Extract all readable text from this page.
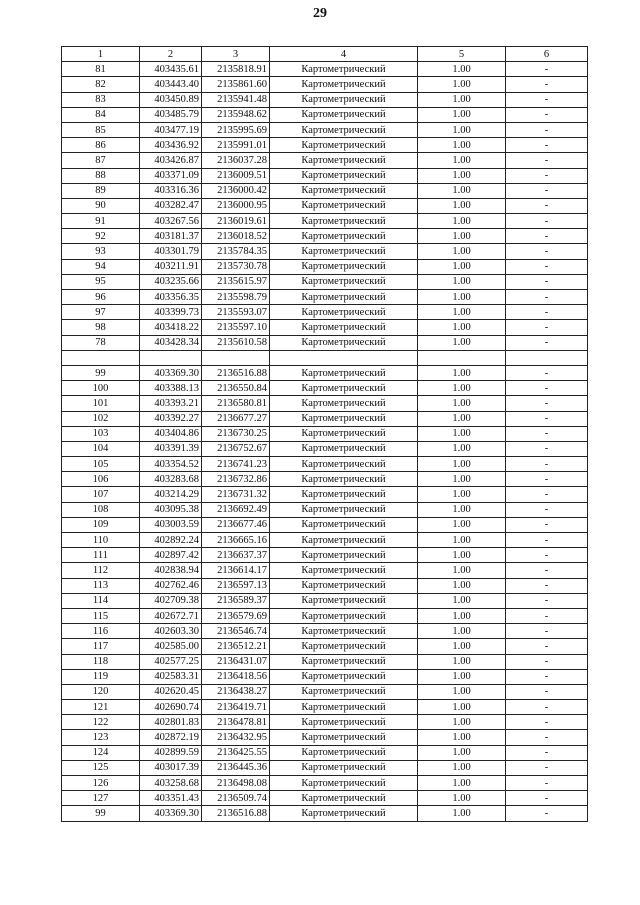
29
1	2	3	4	5	6
81	403435.61	2135818.91	Картометрический	1.00	-
82	403443.40	2135861.60	Картометрический	1.00	-
83	403450.89	2135941.48	Картометрический	1.00	-
84	403485.79	2135948.62	Картометрический	1.00	-
85	403477.19	2135995.69	Картометрический	1.00	-
86	403436.92	2135991.01	Картометрический	1.00	-
87	403426.87	2136037.28	Картометрический	1.00	-
88	403371.09	2136009.51	Картометрический	1.00	-
89	403316.36	2136000.42	Картометрический	1.00	-
90	403282.47	2136000.95	Картометрический	1.00	-
91	403267.56	2136019.61	Картометрический	1.00	-
92	403181.37	2136018.52	Картометрический	1.00	-
93	403301.79	2135784.35	Картометрический	1.00	-
94	403211.91	2135730.78	Картометрический	1.00	-
95	403235.66	2135615.97	Картометрический	1.00	-
96	403356.35	2135598.79	Картометрический	1.00	-
97	403399.73	2135593.07	Картометрический	1.00	-
98	403418.22	2135597.10	Картометрический	1.00	-
78	403428.34	2135610.58	Картометрический	1.00	-

99	403369.30	2136516.88	Картометрический	1.00	-
100	403388.13	2136550.84	Картометрический	1.00	-
101	403393.21	2136580.81	Картометрический	1.00	-
102	403392.27	2136677.27	Картометрический	1.00	-
103	403404.86	2136730.25	Картометрический	1.00	-
104	403391.39	2136752.67	Картометрический	1.00	-
105	403354.52	2136741.23	Картометрический	1.00	-
106	403283.68	2136732.86	Картометрический	1.00	-
107	403214.29	2136731.32	Картометрический	1.00	-
108	403095.38	2136692.49	Картометрический	1.00	-
109	403003.59	2136677.46	Картометрический	1.00	-
110	402892.24	2136665.16	Картометрический	1.00	-
111	402897.42	2136637.37	Картометрический	1.00	-
112	402838.94	2136614.17	Картометрический	1.00	-
113	402762.46	2136597.13	Картометрический	1.00	-
114	402709.38	2136589.37	Картометрический	1.00	-
115	402672.71	2136579.69	Картометрический	1.00	-
116	402603.30	2136546.74	Картометрический	1.00	-
117	402585.00	2136512.21	Картометрический	1.00	-
118	402577.25	2136431.07	Картометрический	1.00	-
119	402583.31	2136418.56	Картометрический	1.00	-
120	402620.45	2136438.27	Картометрический	1.00	-
121	402690.74	2136419.71	Картометрический	1.00	-
122	402801.83	2136478.81	Картометрический	1.00	-
123	402872.19	2136432.95	Картометрический	1.00	-
124	402899.59	2136425.55	Картометрический	1.00	-
125	403017.39	2136445.36	Картометрический	1.00	-
126	403258.68	2136498.08	Картометрический	1.00	-
127	403351.43	2136509.74	Картометрический	1.00	-
99	403369.30	2136516.88	Картометрический	1.00	-
